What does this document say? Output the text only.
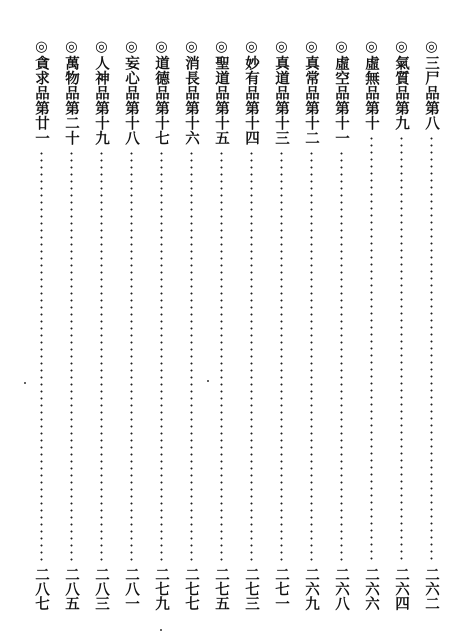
◎三尸品第八
二六二
◎氣質品第九
二六四
◎虛無品第十
二六六
◎虛空品第十一
二六八
◎真常品第十二
二六九
◎真道品第十三
二七一
◎妙有品第十四
二七三
◎聖道品第十五
二七五
◎消長品第十六
二七七
◎道德品第十七
二七九
◎妄心品第十八
二八一
◎人神品第十九
二八三
◎萬物品第二十
二八五
◎貪求品第廿一
二八七
